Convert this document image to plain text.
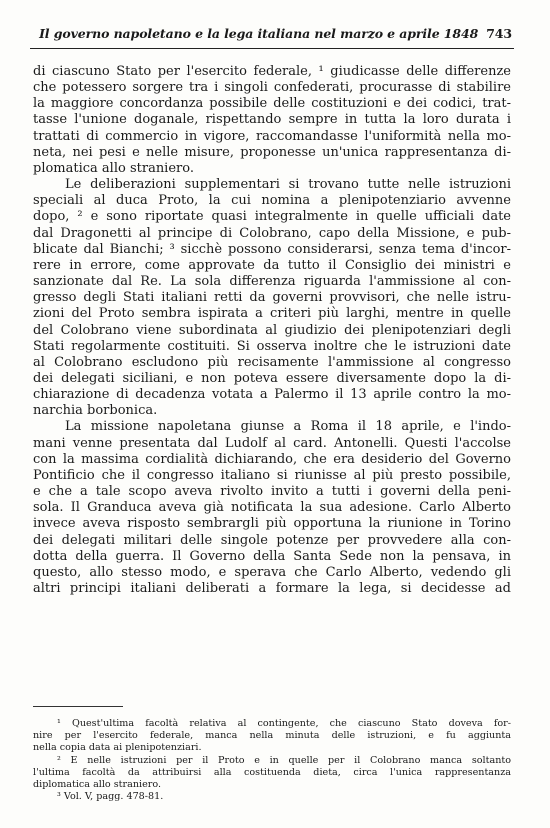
Il governo napoletano e la lega italiana nel marzo e aprile 1848 743

di ciascuno Stato per l'esercito federale, ¹ giudicasse delle differenze
che potessero sorgere tra i singoli confederati, procurasse di stabilire
la maggiore concordanza possibile delle costituzioni e dei codici, trat-
tasse l'unione doganale, rispettando sempre in tutta la loro durata i
trattati di commercio in vigore, raccomandasse l'uniformità nella mo-
neta, nei pesi e nelle misure, proponesse un'unica rappresentanza di-
plomatica allo straniero.

Le deliberazioni supplementari si trovano tutte nelle istruzioni
speciali al duca Proto, la cui nomina a plenipotenziario avvenne
dopo, ² e sono riportate quasi integralmente in quelle ufficiali date
dal Dragonetti al principe di Colobrano, capo della Missione, e pub-
blicate dal Bianchi; ³ sicchè possono considerarsi, senza tema d'incor-
rere in errore, come approvate da tutto il Consiglio dei ministri e
sanzionate dal Re. La sola differenza riguarda l'ammissione al con-
gresso degli Stati italiani retti da governi provvisori, che nelle istru-
zioni del Proto sembra ispirata a criteri più larghi, mentre in quelle
del Colobrano viene subordinata al giudizio dei plenipotenziari degli
Stati regolarmente costituiti. Si osserva inoltre che le istruzioni date
al Colobrano escludono più recisamente l'ammissione al congresso
dei delegati siciliani, e non poteva essere diversamente dopo la di-
chiarazione di decadenza votata a Palermo il 13 aprile contro la mo-
narchia borbonica.

La missione napoletana giunse a Roma il 18 aprile, e l'indo-
mani venne presentata dal Ludolf al card. Antonelli. Questi l'accolse
con la massima cordialità dichiarando, che era desiderio del Governo
Pontificio che il congresso italiano si riunisse al più presto possibile,
e che a tale scopo aveva rivolto invito a tutti i governi della peni-
sola. Il Granduca aveva già notificata la sua adesione. Carlo Alberto
invece aveva risposto sembrargli più opportuna la riunione in Torino
dei delegati militari delle singole potenze per provvedere alla con-
dotta della guerra. Il Governo della Santa Sede non la pensava, in
questo, allo stesso modo, e sperava che Carlo Alberto, vedendo gli
altri principi italiani deliberati a formare la lega, si decidesse ad

¹ Quest'ultima facoltà relativa al contingente, che ciascuno Stato doveva for-
nire per l'esercito federale, manca nella minuta delle istruzioni, e fu aggiunta
nella copia data ai plenipotenziari.
² E nelle istruzioni per il Proto e in quelle per il Colobrano manca soltanto
l'ultima facoltà da attribuirsi alla costituenda dieta, circa l'unica rappresentanza
diplomatica allo straniero.
³ Vol. V, pagg. 478-81.
